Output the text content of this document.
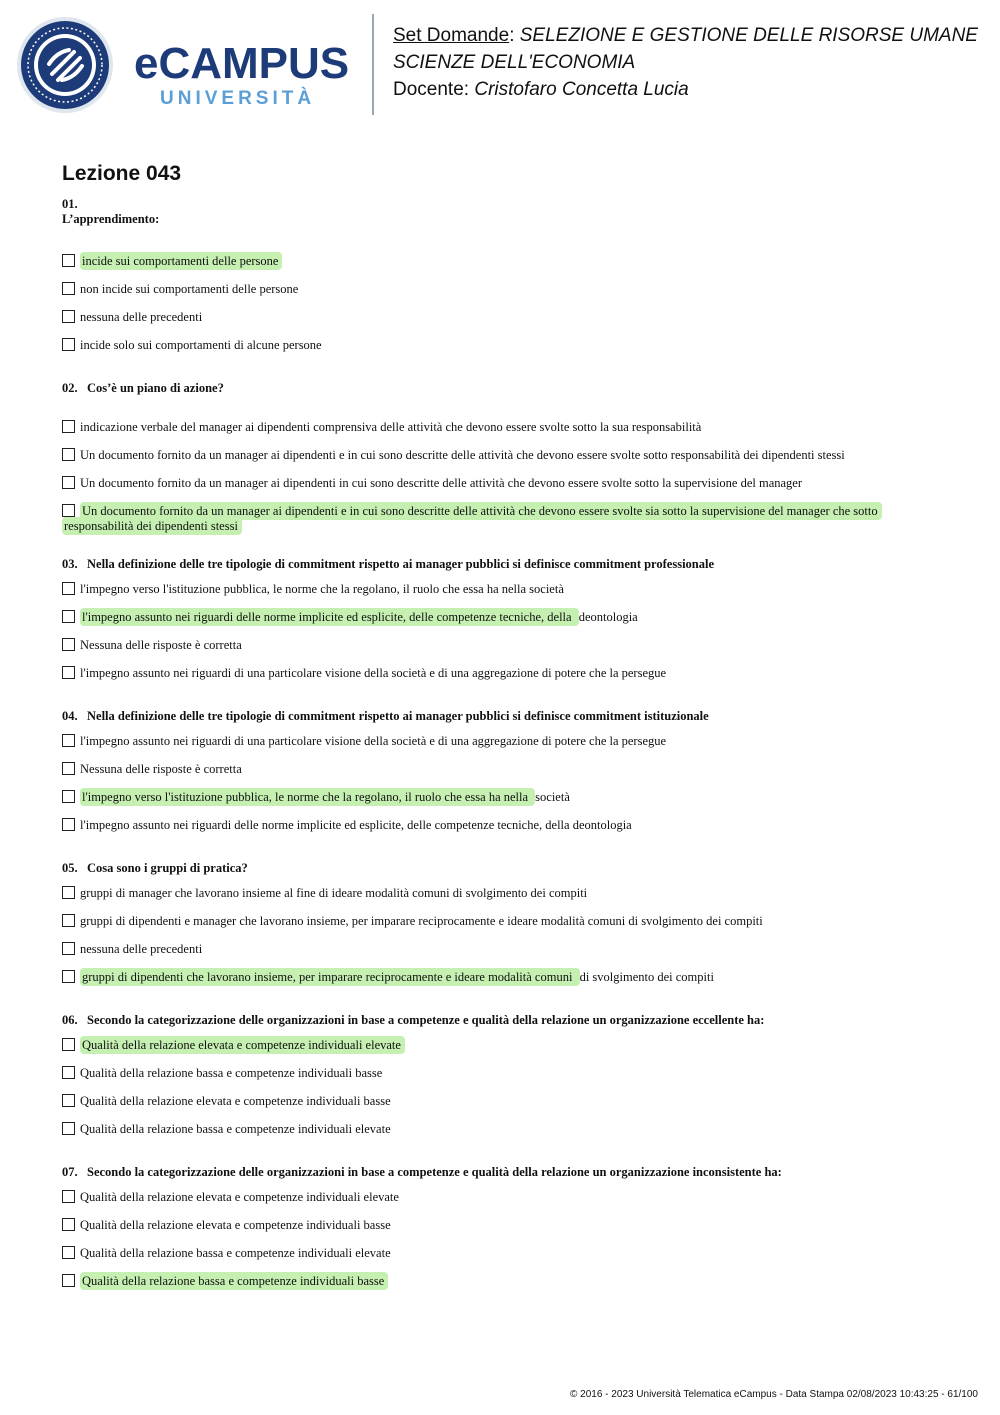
eCAMPUS
UNIVERSITÀ
Set Domande: SELEZIONE E GESTIONE DELLE RISORSE UMANE
SCIENZE DELL'ECONOMIA
Docente: Cristofaro Concetta Lucia
Lezione 043
01.
L’apprendimento:
incide sui comportamenti delle persone
non incide sui comportamenti delle persone
nessuna delle precedenti
incide solo sui comportamenti di alcune persone
02. Cos’è un piano di azione?
indicazione verbale del manager ai dipendenti comprensiva delle attività che devono essere svolte sotto la sua responsabilità
Un documento fornito da un manager ai dipendenti e in cui sono descritte delle attività che devono essere svolte sotto responsabilità dei dipendenti stessi
Un documento fornito da un manager ai dipendenti in cui sono descritte delle attività che devono essere svolte sotto la supervisione del manager
Un documento fornito da un manager ai dipendenti e in cui sono descritte delle attività che devono essere svolte sia sotto la supervisione del manager che sotto responsabilità dei dipendenti stessi
03. Nella definizione delle tre tipologie di commitment rispetto ai manager pubblici si definisce commitment professionale
l'impegno verso l'istituzione pubblica, le norme che la regolano, il ruolo che essa ha nella società
l'impegno assunto nei riguardi delle norme implicite ed esplicite, delle competenze tecniche, della deontologia
Nessuna delle risposte è corretta
l'impegno assunto nei riguardi di una particolare visione della società e di una aggregazione di potere che la persegue
04. Nella definizione delle tre tipologie di commitment rispetto ai manager pubblici si definisce commitment istituzionale
l'impegno assunto nei riguardi di una particolare visione della società e di una aggregazione di potere che la persegue
Nessuna delle risposte è corretta
l'impegno verso l'istituzione pubblica, le norme che la regolano, il ruolo che essa ha nella società
l'impegno assunto nei riguardi delle norme implicite ed esplicite, delle competenze tecniche, della deontologia
05. Cosa sono i gruppi di pratica?
gruppi di manager che lavorano insieme al fine di ideare modalità comuni di svolgimento dei compiti
gruppi di dipendenti e manager che lavorano insieme, per imparare reciprocamente e ideare modalità comuni di svolgimento dei compiti
nessuna delle precedenti
gruppi di dipendenti che lavorano insieme, per imparare reciprocamente e ideare modalità comuni di svolgimento dei compiti
06. Secondo la categorizzazione delle organizzazioni in base a competenze e qualità della relazione un organizzazione eccellente ha:
Qualità della relazione elevata e competenze individuali elevate
Qualità della relazione bassa e competenze individuali basse
Qualità della relazione elevata e competenze individuali basse
Qualità della relazione bassa e competenze individuali elevate
07. Secondo la categorizzazione delle organizzazioni in base a competenze e qualità della relazione un organizzazione inconsistente ha:
Qualità della relazione elevata e competenze individuali elevate
Qualità della relazione elevata e competenze individuali basse
Qualità della relazione bassa e competenze individuali elevate
Qualità della relazione bassa e competenze individuali basse
© 2016 - 2023 Università Telematica eCampus - Data Stampa 02/08/2023 10:43:25 - 61/100
